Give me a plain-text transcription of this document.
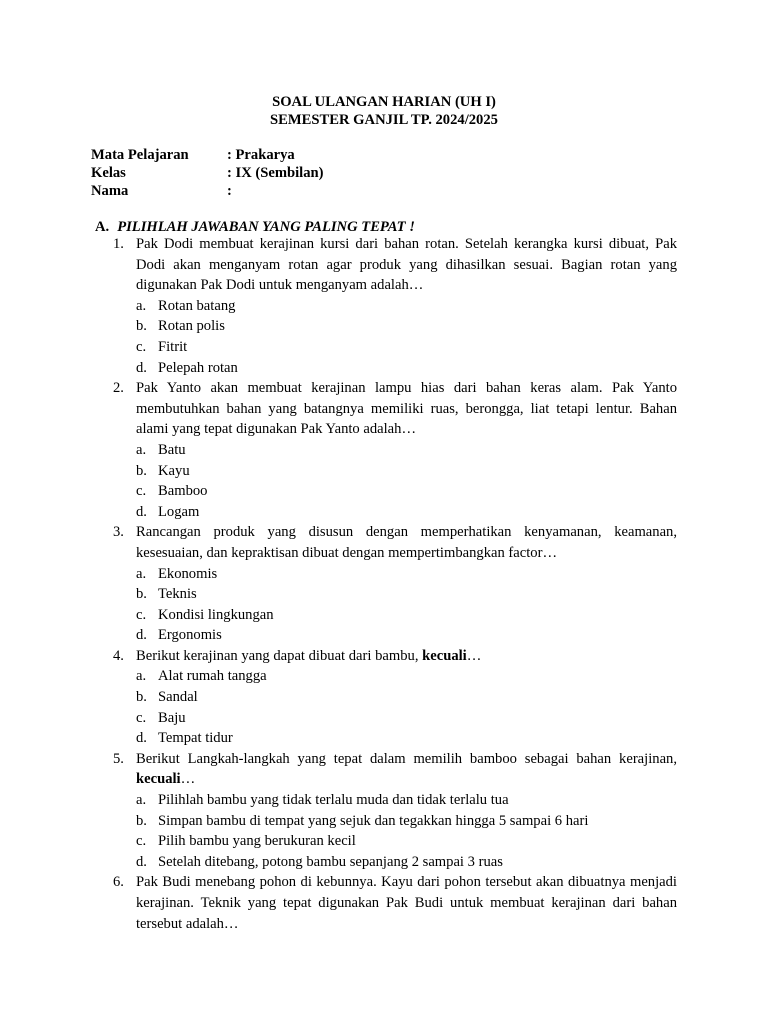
SOAL ULANGAN HARIAN (UH I)
SEMESTER GANJIL TP. 2024/2025
Mata Pelajaran	: Prakarya
Kelas	: IX (Sembilan)
Nama	:
A. PILIHLAH JAWABAN YANG PALING TEPAT !
1. Pak Dodi membuat kerajinan kursi dari bahan rotan. Setelah kerangka kursi dibuat, Pak Dodi akan menganyam rotan agar produk yang dihasilkan sesuai. Bagian rotan yang digunakan Pak Dodi untuk menganyam adalah…
a. Rotan batang
b. Rotan polis
c. Fitrit
d. Pelepah rotan
2. Pak Yanto akan membuat kerajinan lampu hias dari bahan keras alam. Pak Yanto membutuhkan bahan yang batangnya memiliki ruas, berongga, liat tetapi lentur. Bahan alami yang tepat digunakan Pak Yanto adalah…
a. Batu
b. Kayu
c. Bamboo
d. Logam
3. Rancangan produk yang disusun dengan memperhatikan kenyamanan, keamanan, kesesuaian, dan kepraktisan dibuat dengan mempertimbangkan factor…
a. Ekonomis
b. Teknis
c. Kondisi lingkungan
d. Ergonomis
4. Berikut kerajinan yang dapat dibuat dari bambu, kecuali…
a. Alat rumah tangga
b. Sandal
c. Baju
d. Tempat tidur
5. Berikut Langkah-langkah yang tepat dalam memilih bamboo sebagai bahan kerajinan, kecuali…
a. Pilihlah bambu yang tidak terlalu muda dan tidak terlalu tua
b. Simpan bambu di tempat yang sejuk dan tegakkan hingga 5 sampai 6 hari
c. Pilih bambu yang berukuran kecil
d. Setelah ditebang, potong bambu sepanjang 2 sampai 3 ruas
6. Pak Budi menebang pohon di kebunnya. Kayu dari pohon tersebut akan dibuatnya menjadi kerajinan. Teknik yang tepat digunakan Pak Budi untuk membuat kerajinan dari bahan tersebut adalah…
